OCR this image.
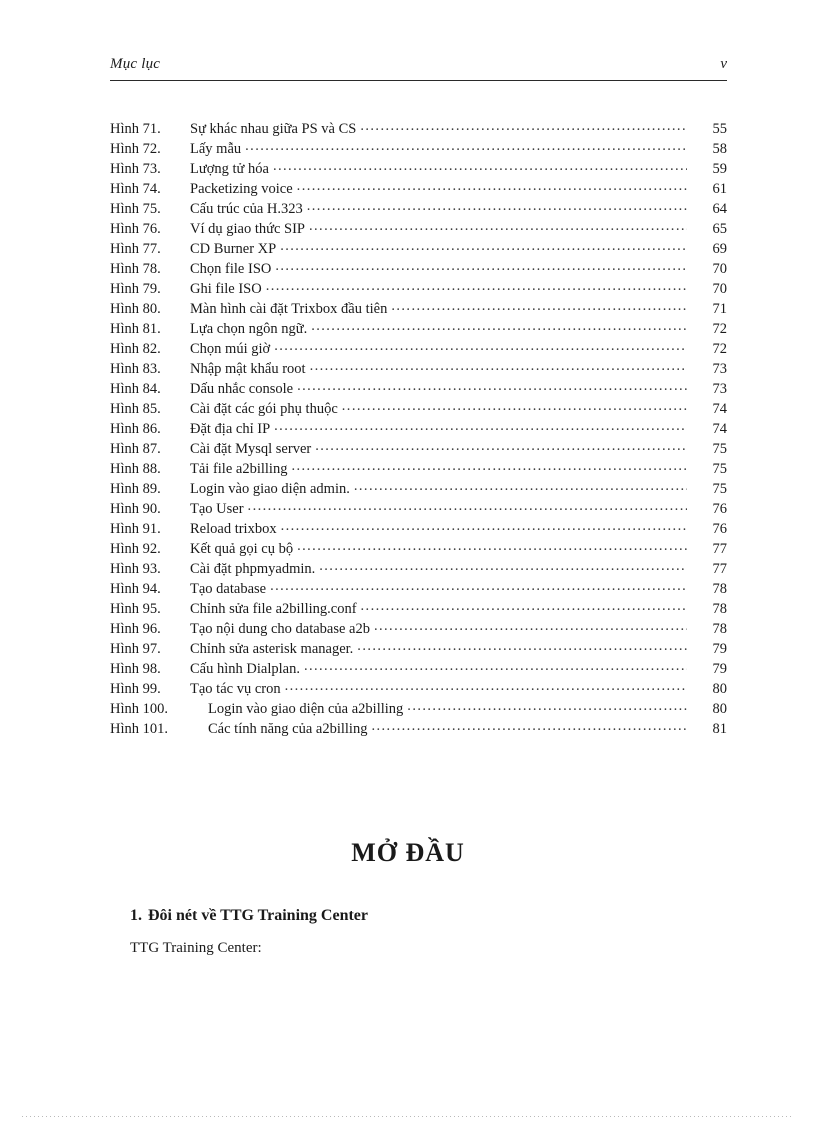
Mục lục	v
Hình 71.	Sự khác nhau giữa PS và CS .....	55
Hình 72.	Lấy mẫu .....	58
Hình 73.	Lượng tử hóa .....	59
Hình 74.	Packetizing voice .....	61
Hình 75.	Cấu trúc của H.323 .....	64
Hình 76.	Ví dụ giao thức SIP .....	65
Hình 77.	CD Burner XP .....	69
Hình 78.	Chọn file ISO .....	70
Hình 79.	Ghi file ISO .....	70
Hình 80.	Màn hình cài đặt Trixbox đầu tiên .....	71
Hình 81.	Lựa chọn ngôn ngữ. .....	72
Hình 82.	Chọn múi giờ .....	72
Hình 83.	Nhập mật khẩu root .....	73
Hình 84.	Dấu nhắc console .....	73
Hình 85.	Cài đặt các gói phụ thuộc .....	74
Hình 86.	Đặt địa chỉ IP .....	74
Hình 87.	Cài đặt Mysql server .....	75
Hình 88.	Tải file a2billing .....	75
Hình 89.	Login vào giao diện admin. .....	75
Hình 90.	Tạo User .....	76
Hình 91.	Reload trixbox .....	76
Hình 92.	Kết quả gọi cụ bộ .....	77
Hình 93.	Cài đặt phpmyadmin. .....	77
Hình 94.	Tạo database .....	78
Hình 95.	Chỉnh sửa file a2billing.conf .....	78
Hình 96.	Tạo nội dung cho database a2b .....	78
Hình 97.	Chỉnh sửa asterisk manager. .....	79
Hình 98.	Cấu hình Dialplan. .....	79
Hình 99.	Tạo tác vụ cron .....	80
Hình 100.	Login vào giao diện của a2billing .....	80
Hình 101.	Các tính năng của a2billing .....	81
MỞ ĐẦU
1. Đôi nét về TTG Training Center
TTG Training Center:
